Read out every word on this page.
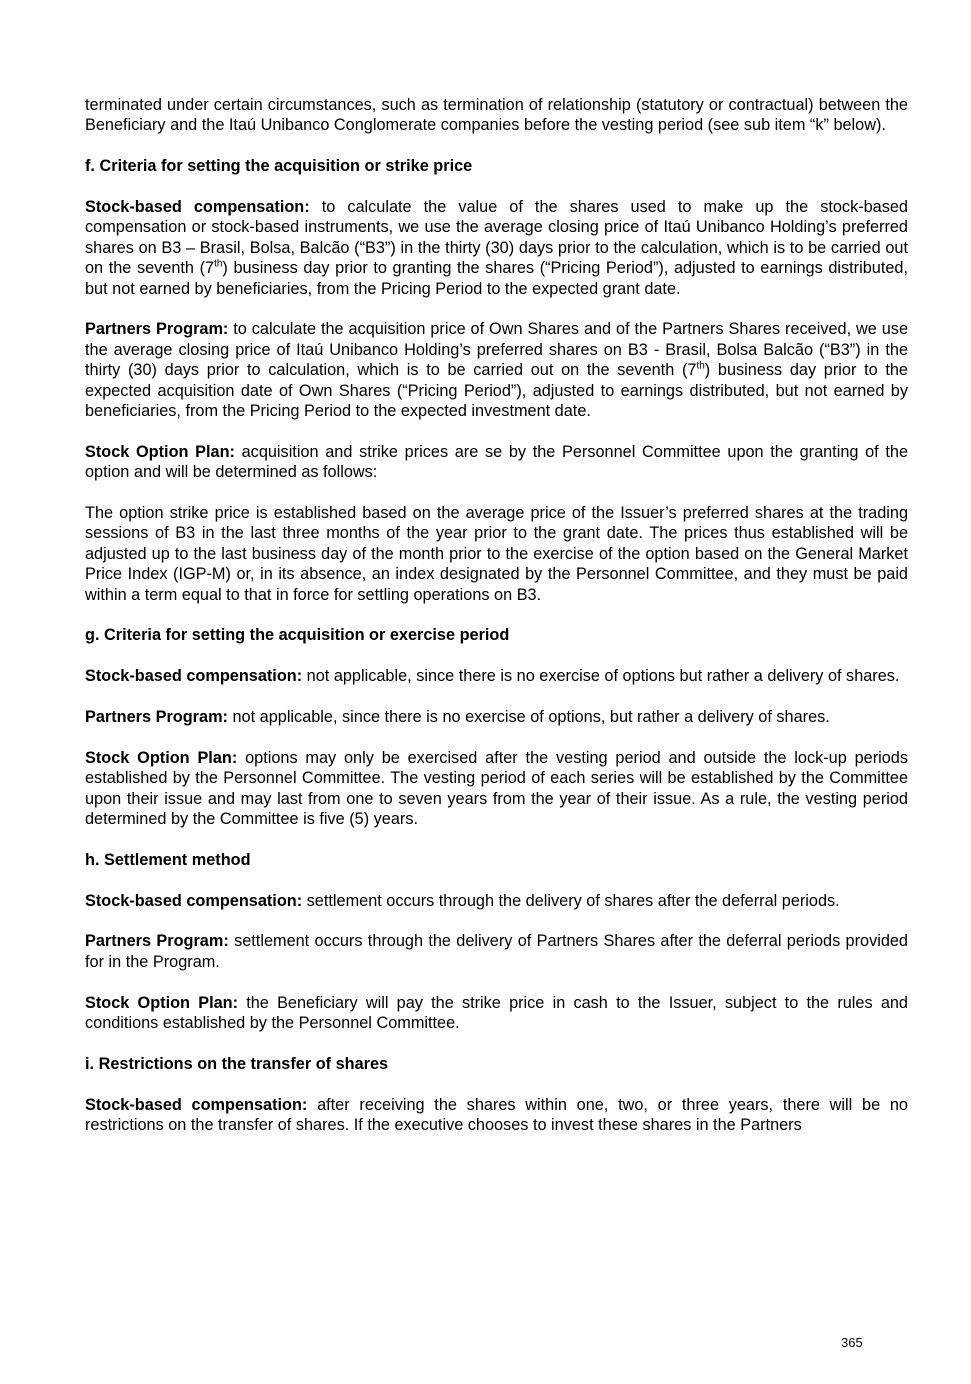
terminated under certain circumstances, such as termination of relationship (statutory or contractual) between the Beneficiary and the Itaú Unibanco Conglomerate companies before the vesting period (see sub item “k” below).

f. Criteria for setting the acquisition or strike price

Stock-based compensation: to calculate the value of the shares used to make up the stock-based compensation or stock-based instruments, we use the average closing price of Itaú Unibanco Holding’s preferred shares on B3 – Brasil, Bolsa, Balcão (“B3”) in the thirty (30) days prior to the calculation, which is to be carried out on the seventh (7th) business day prior to granting the shares (“Pricing Period”), adjusted to earnings distributed, but not earned by beneficiaries, from the Pricing Period to the expected grant date.

Partners Program: to calculate the acquisition price of Own Shares and of the Partners Shares received, we use the average closing price of Itaú Unibanco Holding’s preferred shares on B3 - Brasil, Bolsa Balcão (“B3”) in the thirty (30) days prior to calculation, which is to be carried out on the seventh (7th) business day prior to the expected acquisition date of Own Shares (“Pricing Period”), adjusted to earnings distributed, but not earned by beneficiaries, from the Pricing Period to the expected investment date.

Stock Option Plan: acquisition and strike prices are se by the Personnel Committee upon the granting of the option and will be determined as follows:

The option strike price is established based on the average price of the Issuer’s preferred shares at the trading sessions of B3 in the last three months of the year prior to the grant date. The prices thus established will be adjusted up to the last business day of the month prior to the exercise of the option based on the General Market Price Index (IGP-M) or, in its absence, an index designated by the Personnel Committee, and they must be paid within a term equal to that in force for settling operations on B3.

g. Criteria for setting the acquisition or exercise period

Stock-based compensation: not applicable, since there is no exercise of options but rather a delivery of shares.

Partners Program: not applicable, since there is no exercise of options, but rather a delivery of shares.

Stock Option Plan: options may only be exercised after the vesting period and outside the lock-up periods established by the Personnel Committee. The vesting period of each series will be established by the Committee upon their issue and may last from one to seven years from the year of their issue. As a rule, the vesting period determined by the Committee is five (5) years.

h. Settlement method

Stock-based compensation: settlement occurs through the delivery of shares after the deferral periods.

Partners Program: settlement occurs through the delivery of Partners Shares after the deferral periods provided for in the Program.

Stock Option Plan: the Beneficiary will pay the strike price in cash to the Issuer, subject to the rules and conditions established by the Personnel Committee.

i. Restrictions on the transfer of shares

Stock-based compensation: after receiving the shares within one, two, or three years, there will be no restrictions on the transfer of shares. If the executive chooses to invest these shares in the Partners

365
